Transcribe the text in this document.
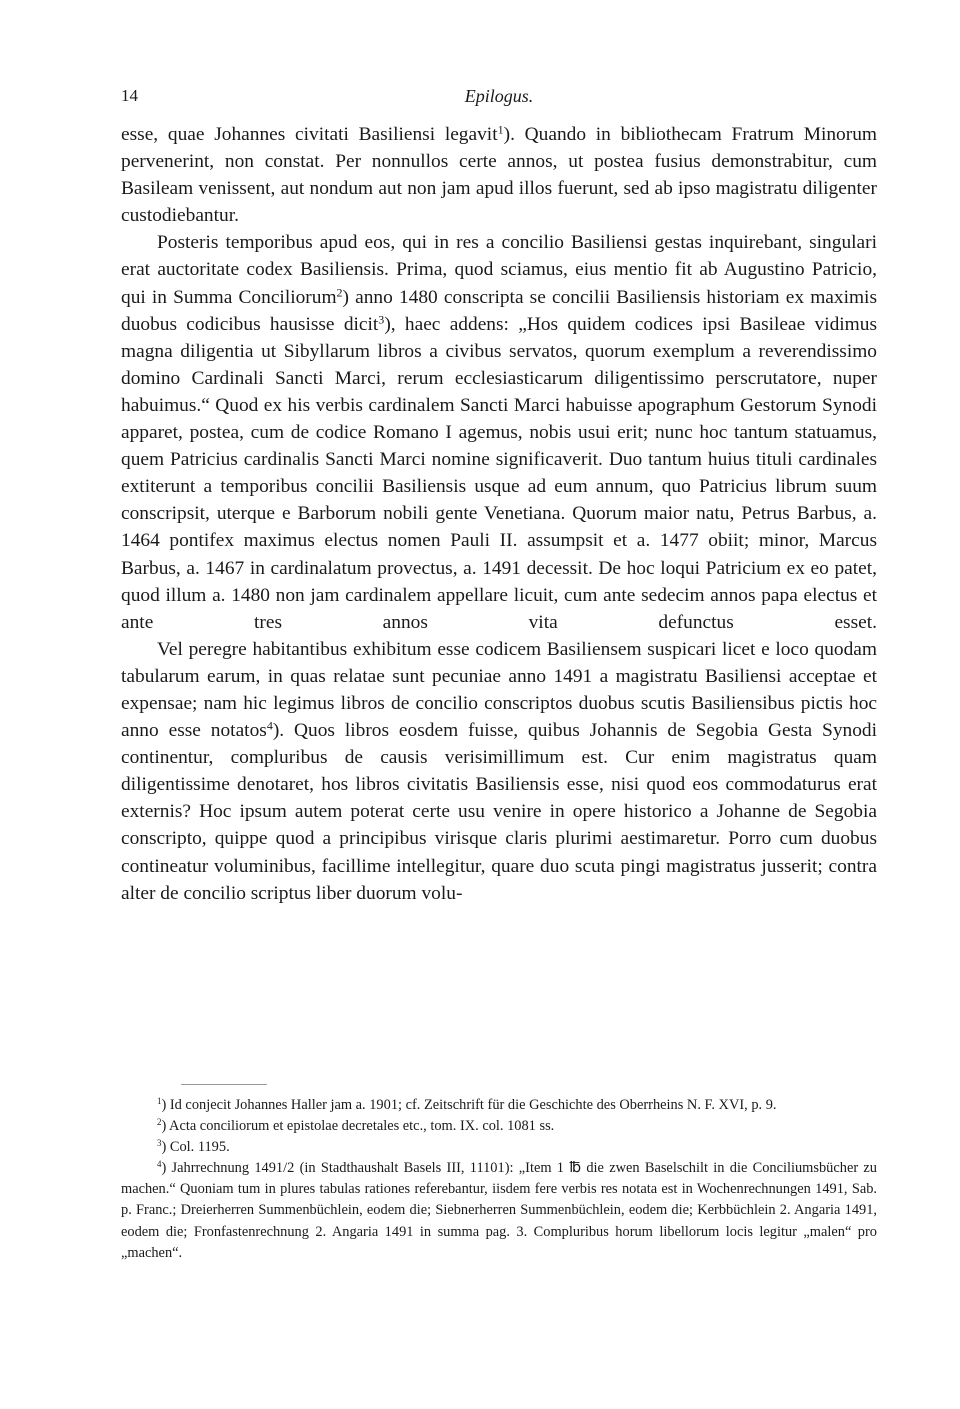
14	Epilogus.

esse, quae Johannes civitati Basiliensi legavit$^1$). Quando in bibliothecam Fratrum Minorum pervenerint, non constat. Per nonnullos certe annos, ut postea fusius demonstrabitur, cum Basileam venissent, aut nondum aut non jam apud illos fuerunt, sed ab ipso magistratu diligenter custodiebantur.

Posteris temporibus apud eos, qui in res a concilio Basiliensi gestas inquirebant, singulari erat auctoritate codex Basiliensis. Prima, quod sciamus, eius mentio fit ab Augustino Patricio, qui in Summa Conciliorum$^2$) anno 1480 conscripta se concilii Basiliensis historiam ex maximis duobus codicibus hausisse dicit$^3$), haec addens: „Hos quidem codices ipsi Basileae vidimus magna diligentia ut Sibyllarum libros a civibus servatos, quorum exemplum a reverendissimo domino Cardinali Sancti Marci, rerum ecclesiasticarum diligentissimo perscrutatore, nuper habuimus.“ Quod ex his verbis cardinalem Sancti Marci habuisse apographum Gestorum Synodi apparet, postea, cum de codice Romano I agemus, nobis usui erit; nunc hoc tantum statuamus, quem Patricius cardinalis Sancti Marci nomine significaverit. Duo tantum huius tituli cardinales extiterunt a temporibus concilii Basiliensis usque ad eum annum, quo Patricius librum suum conscripsit, uterque e Barborum nobili gente Venetiana. Quorum maior natu, Petrus Barbus, a. 1464 pontifex maximus electus nomen Pauli II. assumpsit et a. 1477 obiit; minor, Marcus Barbus, a. 1467 in cardinalatum provectus, a. 1491 decessit. De hoc loqui Patricium ex eo patet, quod illum a. 1480 non jam cardinalem appellare licuit, cum ante sedecim annos papa electus et ante tres annos vita defunctus esset.

Vel peregre habitantibus exhibitum esse codicem Basiliensem suspicari licet e loco quodam tabularum earum, in quas relatae sunt pecuniae anno 1491 a magistratu Basiliensi acceptae et expensae; nam hic legimus libros de concilio conscriptos duobus scutis Basiliensibus pictis hoc anno esse notatos$^4$). Quos libros eosdem fuisse, quibus Johannis de Segobia Gesta Synodi continentur, compluribus de causis verisimillimum est. Cur enim magistratus quam diligentissime denotaret, hos libros civitatis Basiliensis esse, nisi quod eos commodaturus erat externis? Hoc ipsum autem poterat certe usu venire in opere historico a Johanne de Segobia conscripto, quippe quod a principibus virisque claris plurimi aestimaretur. Porro cum duobus contineatur voluminibus, facillime intellegitur, quare duo scuta pingi magistratus jusserit; contra alter de concilio scriptus liber duorum volu-

$^1$) Id conjecit Johannes Haller jam a. 1901; cf. Zeitschrift für die Geschichte des Oberrheins N. F. XVI, p. 9.

$^2$) Acta conciliorum et epistolae decretales etc., tom. IX. col. 1081 ss.

$^3$) Col. 1195.

$^4$) Jahrrechnung 1491/2 (in Stadthaushalt Basels III, 11101): „Item 1 ℔ die zwen Baselschilt in die Conciliumsbücher zu machen.“ Quoniam tum in plures tabulas rationes referebantur, iisdem fere verbis res notata est in Wochenrechnungen 1491, Sab. p. Franc.; Dreierherren Summenbüchlein, eodem die; Siebnerherren Summenbüchlein, eodem die; Kerbbüchlein 2. Angaria 1491, eodem die; Fronfastenrechnung 2. Angaria 1491 in summa pag. 3. Compluribus horum libellorum locis legitur „malen“ pro „machen“.
